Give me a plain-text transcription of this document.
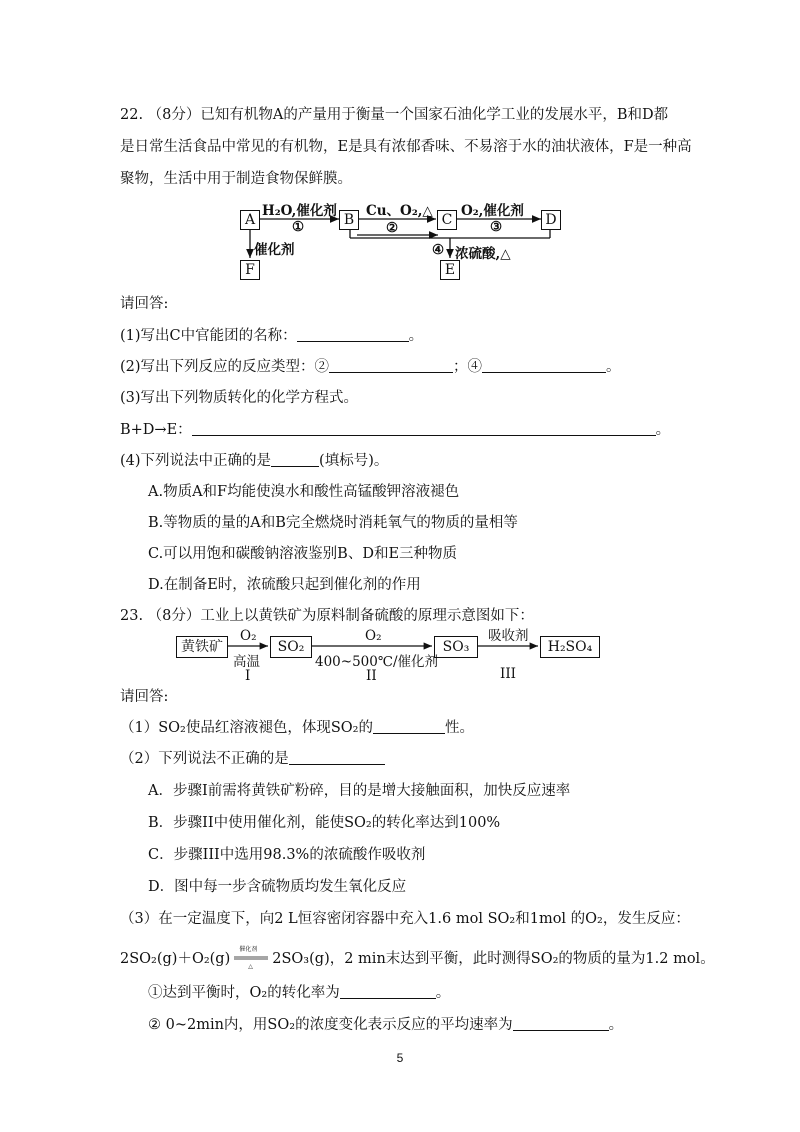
22. （8分）已知有机物A的产量用于衡量一个国家石油化学工业的发展水平，B和D都
是日常生活食品中常见的有机物，E是具有浓郁香味、不易溶于水的油状液体，F是一种高
聚物，生活中用于制造食物保鲜膜。
A	B	C	D
E
F
H₂O,催化剂
①
Cu、O₂,△
②
O₂,催化剂
③
④ 浓硫酸,△
催化剂
请回答:
(1)写出C中官能团的名称：	。
(2)写出下列反应的反应类型：②	；④	。
(3)写出下列物质转化的化学方程式。
B+D→E：	。
(4)下列说法中正确的是	(填标号)。
A.物质A和F均能使溴水和酸性高锰酸钾溶液褪色
B.等物质的量的A和B完全燃烧时消耗氧气的物质的量相等
C.可以用饱和碳酸钠溶液鉴别B、D和E三种物质
D.在制备E时，浓硫酸只起到催化剂的作用
23. （8分）工业上以黄铁矿为原料制备硫酸的原理示意图如下：
黄铁矿	SO₂	SO₃	H₂SO₄
O₂
高温
I
O₂
400~500℃/催化剂
II
吸收剂
III
请回答:
（1）SO₂使品红溶液褪色，体现SO₂的	性。
（2）下列说法不正确的是
A．步骤I前需将黄铁矿粉碎，目的是增大接触面积，加快反应速率
B．步骤II中使用催化剂，能使SO₂的转化率达到100%
C．步骤III中选用98.3%的浓硫酸作吸收剂
D．图中每一步含硫物质均发生氧化反应
（3）在一定温度下，向2 L恒容密闭容器中充入1.6 mol SO₂和1mol 的O₂，发生反应：
2SO₂(g)＋O₂(g)
催化剂
△ 2SO₃(g)，2 min末达到平衡，此时测得SO₂的物质的量为1.2 mol。
①达到平衡时，O₂的转化率为	。
② 0~2min内，用SO₂的浓度变化表示反应的平均速率为	。
5
